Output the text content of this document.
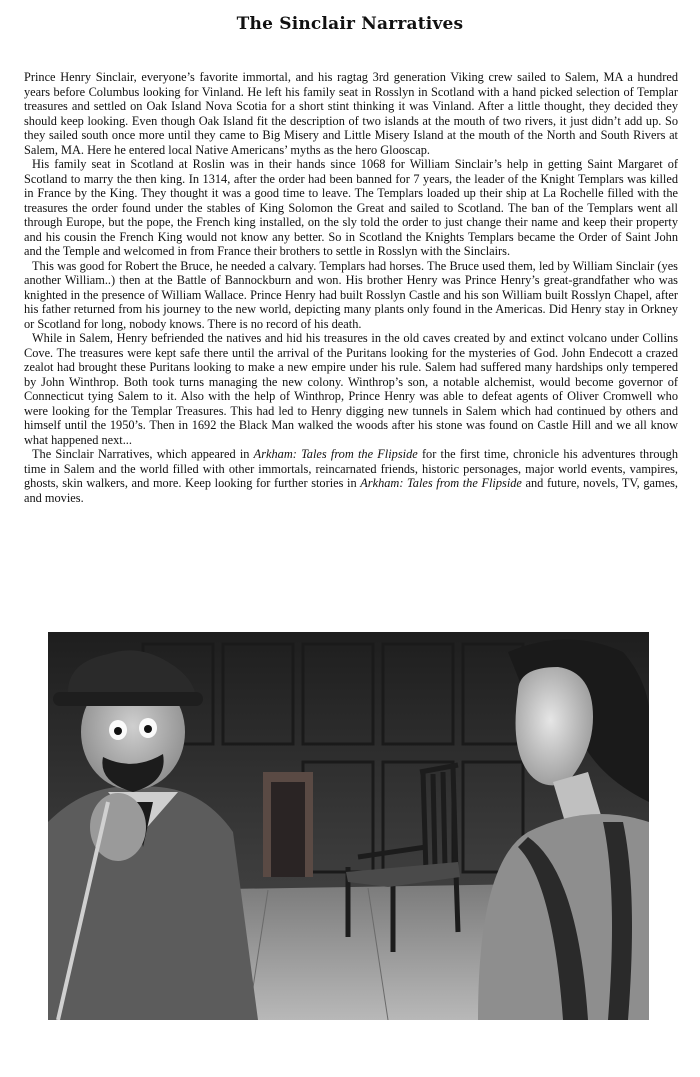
The Sinclair Narratives

Prince Henry Sinclair, everyone’s favorite immortal, and his ragtag 3rd generation Viking crew sailed to Salem, MA a hundred years before Columbus looking for Vinland. He left his family seat in Rosslyn in Scotland with a hand picked selection of Templar treasures and settled on Oak Island Nova Scotia for a short stint thinking it was Vinland. After a little thought, they decided they should keep looking. Even though Oak Island fit the description of two islands at the mouth of two rivers, it just didn’t add up. So they sailed south once more until they came to Big Misery and Little Misery Island at the mouth of the North and South Rivers at Salem, MA. Here he entered local Native Americans’ myths as the hero Glooscap.

His family seat in Scotland at Roslin was in their hands since 1068 for William Sinclair’s help in getting Saint Margaret of Scotland to marry the then king. In 1314, after the order had been banned for 7 years, the leader of the Knight Templars was killed in France by the King. They thought it was a good time to leave. The Templars loaded up their ship at La Rochelle filled with the treasures the order found under the stables of King Solomon the Great and sailed to Scotland. The ban of the Templars went all through Europe, but the pope, the French king installed, on the sly told the order to just change their name and keep their property and his cousin the French King would not know any better. So in Scotland the Knights Templars became the Order of Saint John and the Temple and welcomed in from France their brothers to settle in Rosslyn with the Sinclairs.

This was good for Robert the Bruce, he needed a calvary. Templars had horses. The Bruce used them, led by William Sinclair (yes another William..) then at the Battle of Bannockburn and won. His brother Henry was Prince Henry’s great-grandfather who was knighted in the presence of William Wallace. Prince Henry had built Rosslyn Castle and his son William built Rosslyn Chapel, after his father returned from his journey to the new world, depicting many plants only found in the Americas. Did Henry stay in Orkney or Scotland for long, nobody knows. There is no record of his death.

While in Salem, Henry befriended the natives and hid his treasures in the old caves created by and extinct volcano under Collins Cove. The treasures were kept safe there until the arrival of the Puritans looking for the mysteries of God. John Endecott a crazed zealot had brought these Puritans looking to make a new empire under his rule. Salem had suffered many hardships only tempered by John Winthrop. Both took turns managing the new colony. Winthrop’s son, a notable alchemist, would become governor of Connecticut tying Salem to it. Also with the help of Winthrop, Prince Henry was able to defeat agents of Oliver Cromwell who were looking for the Templar Treasures. This had led to Henry digging new tunnels in Salem which had continued by others and himself until the 1950’s. Then in 1692 the Black Man walked the woods after his stone was found on Castle Hill and we all know what happened next...

The Sinclair Narratives, which appeared in Arkham: Tales from the Flipside for the first time, chronicle his adventures through time in Salem and the world filled with other immortals, reincarnated friends, historic personages, major world events, vampires, ghosts, skin walkers, and more. Keep looking for further stories in Arkham: Tales from the Flipside and future, novels, TV, games, and movies.
